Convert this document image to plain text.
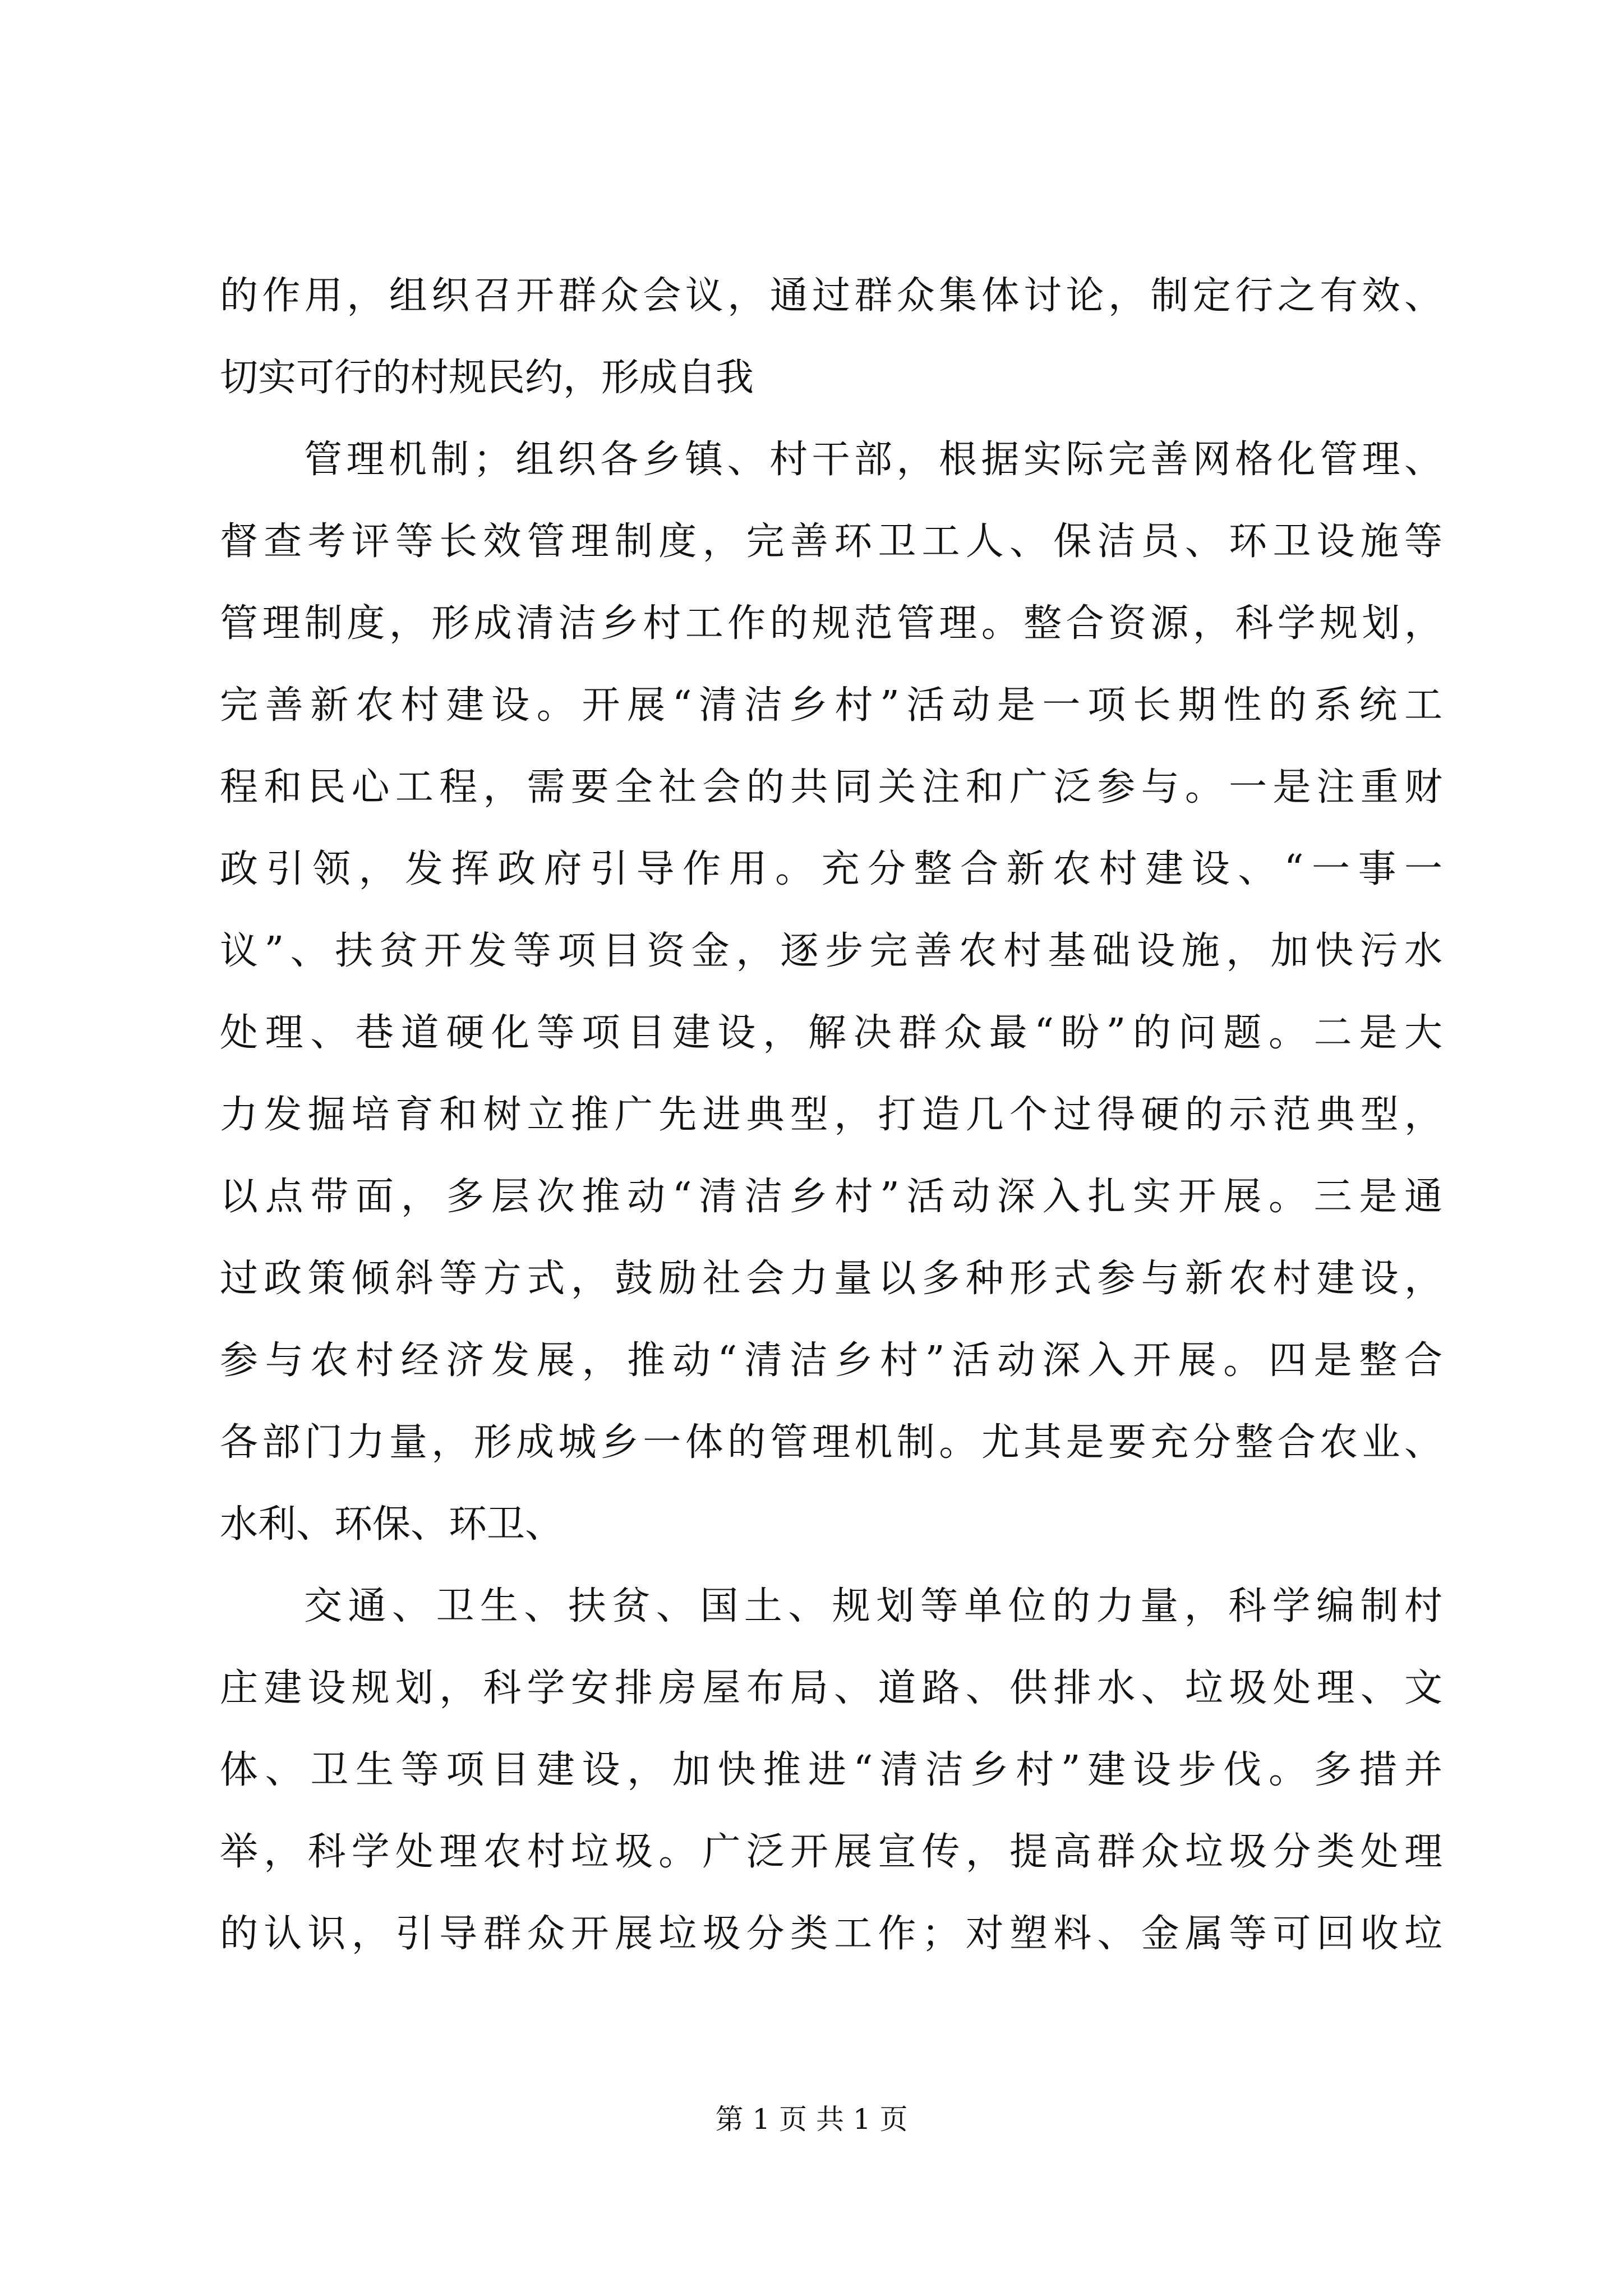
的作用，组织召开群众会议，通过群众集体讨论，制定行之有效、
切实可行的村规民约，形成自我
管理机制；组织各乡镇、村干部，根据实际完善网格化管理、
督查考评等长效管理制度，完善环卫工人、保洁员、环卫设施等
管理制度，形成清洁乡村工作的规范管理。整合资源，科学规划，
完善新农村建设。开展“清洁乡村”活动是一项长期性的系统工
程和民心工程，需要全社会的共同关注和广泛参与。一是注重财
政引领，发挥政府引导作用。充分整合新农村建设、“一事一
议”、扶贫开发等项目资金，逐步完善农村基础设施，加快污水
处理、巷道硬化等项目建设，解决群众最“盼”的问题。二是大
力发掘培育和树立推广先进典型，打造几个过得硬的示范典型，
以点带面，多层次推动“清洁乡村”活动深入扎实开展。三是通
过政策倾斜等方式，鼓励社会力量以多种形式参与新农村建设，
参与农村经济发展，推动“清洁乡村”活动深入开展。四是整合
各部门力量，形成城乡一体的管理机制。尤其是要充分整合农业、
水利、环保、环卫、
交通、卫生、扶贫、国土、规划等单位的力量，科学编制村
庄建设规划，科学安排房屋布局、道路、供排水、垃圾处理、文
体、卫生等项目建设，加快推进“清洁乡村”建设步伐。多措并
举，科学处理农村垃圾。广泛开展宣传，提高群众垃圾分类处理
的认识，引导群众开展垃圾分类工作；对塑料、金属等可回收垃
第 1 页 共 1 页
